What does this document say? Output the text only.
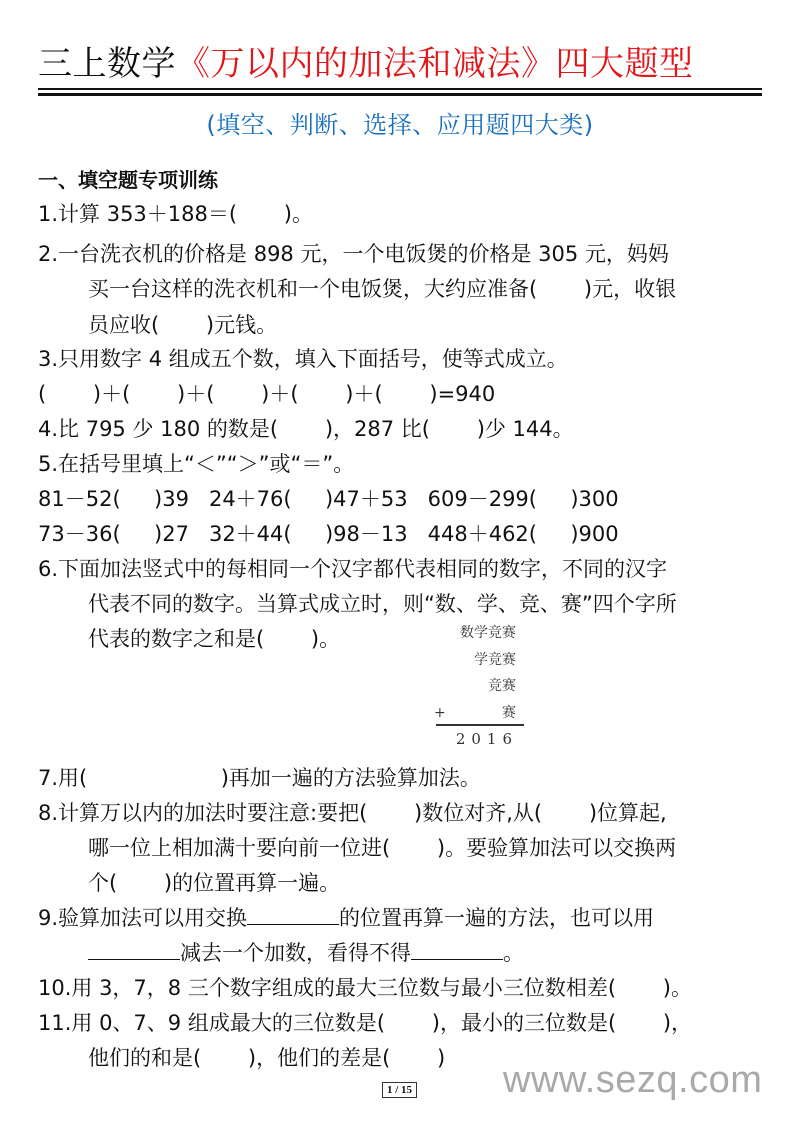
三上数学《万以内的加法和减法》四大题型
(填空、判断、选择、应用题四大类)
一、填空题专项训练
1.计算 353＋188＝(       )。
2.一台洗衣机的价格是 898 元，一个电饭煲的价格是 305 元，妈妈
买一台这样的洗衣机和一个电饭煲，大约应准备(       )元，收银
员应收(       )元钱。
3.只用数字 4 组成五个数，填入下面括号，使等式成立。
(       )＋(       )＋(       )＋(       )＋(       )=940
4.比 795 少 180 的数是(       )，287 比(       )少 144。
5.在括号里填上“＜”“＞”或“＝”。
81－52(     )39   24＋76(     )47＋53   609－299(     )300
73－36(     )27   32＋44(     )98－13   448＋462(     )900
6.下面加法竖式中的每相同一个汉字都代表相同的数字，不同的汉字
代表不同的数字。当算式成立时，则“数、学、竞、赛”四个字所
代表的数字之和是(       )。	数学竞赛
学竞赛
竞赛
+	赛
2016
7.用(                    )再加一遍的方法验算加法。
8.计算万以内的加法时要注意:要把(       )数位对齐,从(       )位算起,
哪一位上相加满十要向前一位进(       )。要验算加法可以交换两
个(       )的位置再算一遍。
9.验算加法可以用交换	的位置再算一遍的方法，也可以用
减去一个加数，看得不得	。
10.用 3，7，8 三个数字组成的最大三位数与最小三位数相差(       )。
11.用 0、7、9 组成最大的三位数是(       )，最小的三位数是(       )，
他们的和是(       )，他们的差是(       )
1 / 15 www.sezq.com
